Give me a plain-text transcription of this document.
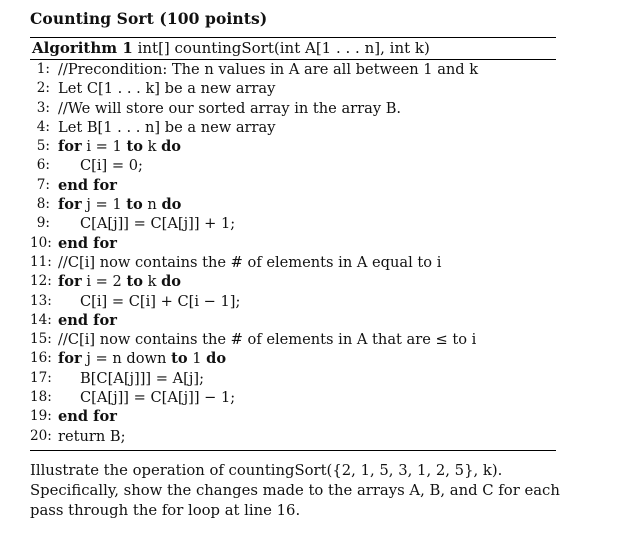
Counting Sort (100 points)
Algorithm 1 int[] countingSort(int A[1 . . . n], int k)
1: //Precondition: The n values in A are all between 1 and k
2: Let C[1 . . . k] be a new array
3: //We will store our sorted array in the array B.
4: Let B[1 . . . n] be a new array
5: for i = 1 to k do
6: C[i] = 0;
7: end for
8: for j = 1 to n do
9: C[A[j]] = C[A[j]] + 1;
10: end for
11: //C[i] now contains the # of elements in A equal to i
12: for i = 2 to k do
13: C[i] = C[i] + C[i − 1];
14: end for
15: //C[i] now contains the # of elements in A that are ≤ to i
16: for j = n down to 1 do
17: B[C[A[j]]] = A[j];
18: C[A[j]] = C[A[j]] − 1;
19: end for
20: return B;
Illustrate the operation of countingSort({2, 1, 5, 3, 1, 2, 5}, k). Specifically, show the changes made to the arrays A, B, and C for each pass through the for loop at line 16.
